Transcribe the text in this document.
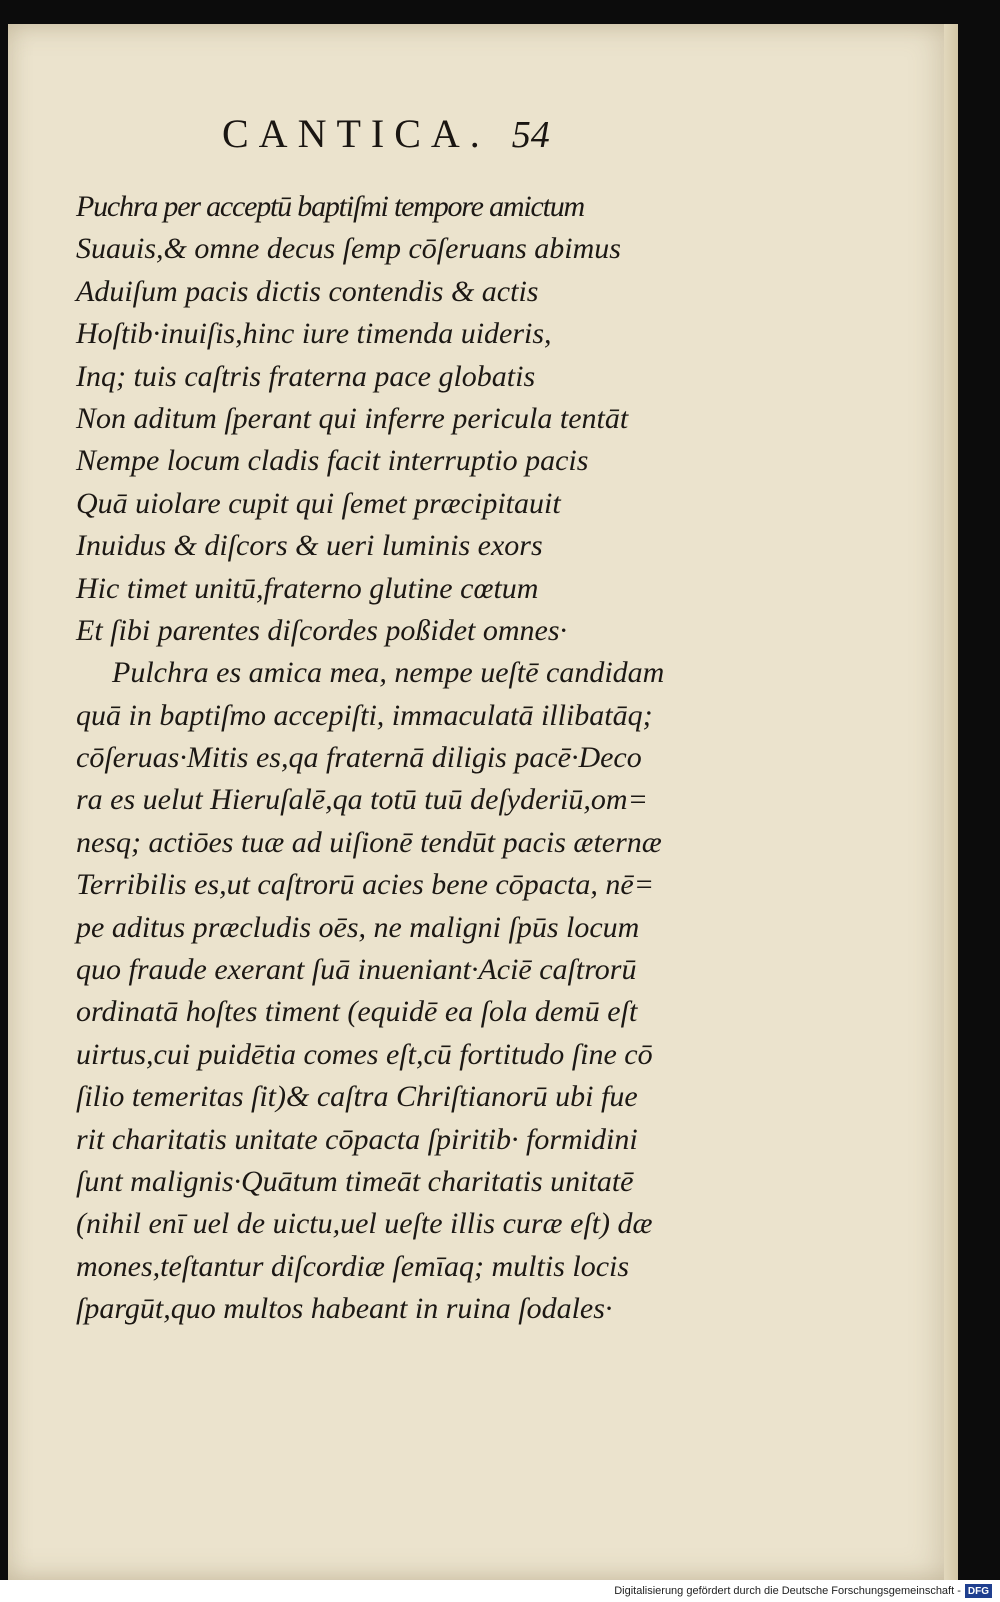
CANTICA. 54
Puchra per acceptū baptiſmi tempore amictum
Suauis,& omne decus ſemp cōſeruans abimus
Aduiſum pacis dictis contendis & actis
Hoſtib·inuiſis,hinc iure timenda uideris,
Inq; tuis caſtris fraterna pace globatis
Non aditum ſperant qui inferre pericula tentāt
Nempe locum cladis facit interruptio pacis
Quā uiolare cupit qui ſemet præcipitauit
Inuidus & diſcors & ueri luminis exors
Hic timet unitū,fraterno glutine cœtum
Et ſibi parentes diſcordes poßidet omnes·
Pulchra es amica mea, nempe ueſtē candidam
quā in baptiſmo accepiſti, immaculatā illibatāq;
cōſeruas·Mitis es,qa fraternā diligis pacē·Deco
ra es uelut Hieruſalē,qa totū tuū deſyderiū,om=
nesq; actiōes tuæ ad uiſionē tendūt pacis æternæ
Terribilis es,ut caſtrorū acies bene cōpacta, nē=
pe aditus præcludis oēs, ne maligni ſpūs locum
quo fraude exerant ſuā inueniant·Aciē caſtrorū
ordinatā hoſtes timent (equidē ea ſola demū eſt
uirtus,cui puidētia comes eſt,cū fortitudo ſine cō
ſilio temeritas ſit)& caſtra Chriſtianorū ubi fue
rit charitatis unitate cōpacta ſpiritib· formidini
ſunt malignis·Quātum timeāt charitatis unitatē
(nihil enī uel de uictu,uel ueſte illis curæ eſt) dæ
mones,teſtantur diſcordiæ ſemīaq; multis locis
ſpargūt,quo multos habeant in ruina ſodales·
Digitalisierung gefördert durch die Deutsche Forschungsgemeinschaft - DFG
